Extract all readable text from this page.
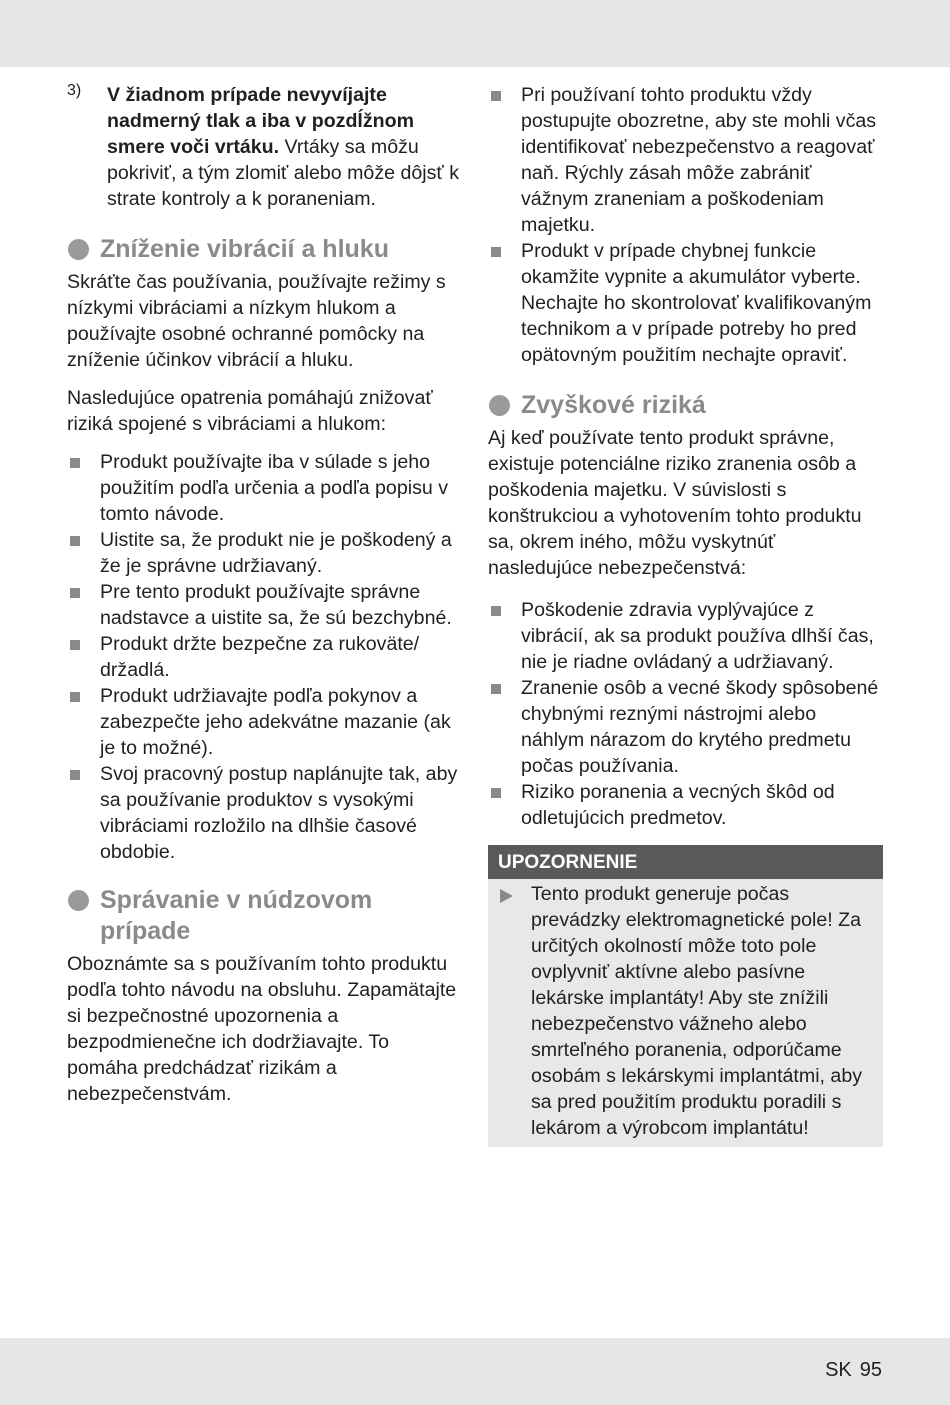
3)	V žiadnom prípade nevyvíjajte nadmerný tlak a iba v pozdĺžnom smere voči vrtáku. Vrtáky sa môžu pokriviť, a tým zlomiť alebo môže dôjsť k strate kontroly a k poraneniam.

Zníženie vibrácií a hluku

Skráťte čas používania, používajte režimy s nízkymi vibráciami a nízkym hlukom a používajte osobné ochranné pomôcky na zníženie účinkov vibrácií a hluku.

Nasledujúce opatrenia pomáhajú znižovať riziká spojené s vibráciami a hlukom:

Produkt používajte iba v súlade s jeho použitím podľa určenia a podľa popisu v tomto návode.
Uistite sa, že produkt nie je poškodený a že je správne udržiavaný.
Pre tento produkt používajte správne nadstavce a uistite sa, že sú bezchybné.
Produkt držte bezpečne za rukoväte/ držadlá.
Produkt udržiavajte podľa pokynov a zabezpečte jeho adekvátne mazanie (ak je to možné).
Svoj pracovný postup naplánujte tak, aby sa používanie produktov s vysokými vibráciami rozložilo na dlhšie časové obdobie.
Správanie v núdzovom prípade

Oboznámte sa s používaním tohto produktu podľa tohto návodu na obsluhu. Zapamätajte si bezpečnostné upozornenia a bezpodmienečne ich dodržiavajte. To pomáha predchádzať rizikám a nebezpečenstvám.

Pri používaní tohto produktu vždy postupujte obozretne, aby ste mohli včas identifikovať nebezpečenstvo a reagovať naň. Rýchly zásah môže zabrániť vážnym zraneniam a poškodeniam majetku.
Produkt v prípade chybnej funkcie okamžite vypnite a akumulátor vyberte. Nechajte ho skontrolovať kvalifikovaným technikom a v prípade potreby ho pred opätovným použitím nechajte opraviť.
Zvyškové riziká

Aj keď používate tento produkt správne, existuje potenciálne riziko zranenia osôb a poškodenia majetku. V súvislosti s konštrukciou a vyhotovením tohto produktu sa, okrem iného, môžu vyskytnúť nasledujúce nebezpečenstvá:

Poškodenie zdravia vyplývajúce z vibrácií, ak sa produkt používa dlhší čas, nie je riadne ovládaný a udržiavaný.
Zranenie osôb a vecné škody spôsobené chybnými reznými nástrojmi alebo náhlym nárazom do krytého predmetu počas používania.
Riziko poranenia a vecných škôd od odletujúcich predmetov.
UPOZORNENIE

Tento produkt generuje počas prevádzky elektromagnetické pole! Za určitých okolností môže toto pole ovplyvniť aktívne alebo pasívne lekárske implantáty! Aby ste znížili nebezpečenstvo vážneho alebo smrteľného poranenia, odporúčame osobám s lekárskymi implantátmi, aby sa pred použitím produktu poradili s lekárom a výrobcom implantátu!

SK 95
